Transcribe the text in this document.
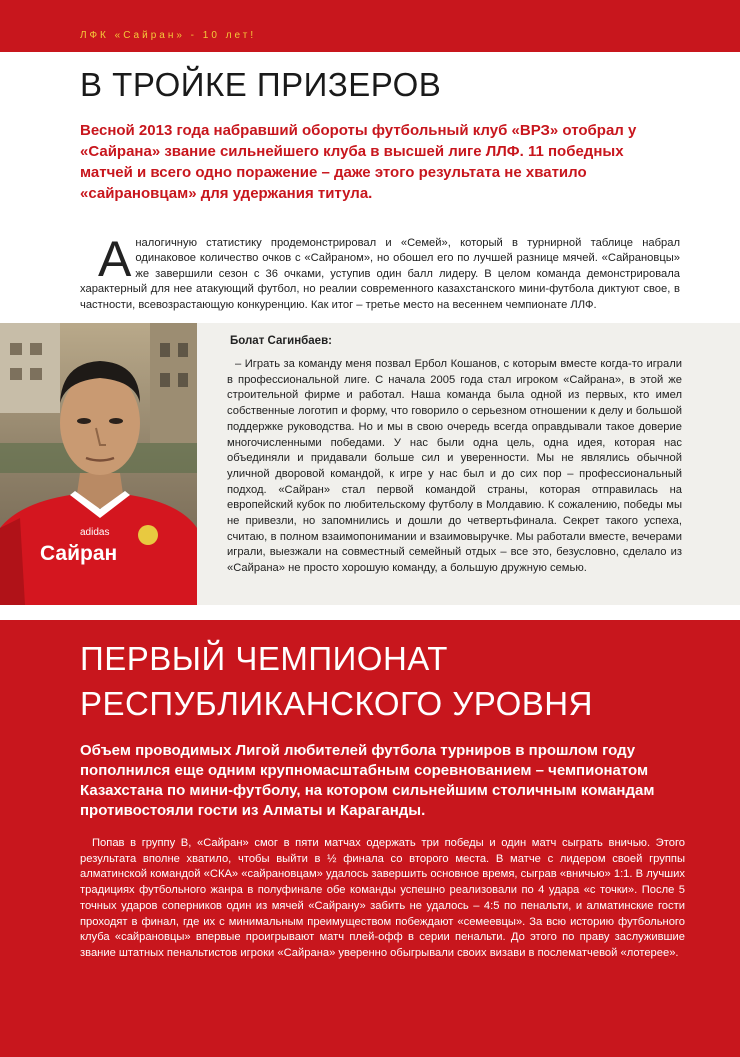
ЛФК «Сайран» - 10 лет!
В ТРОЙКЕ ПРИЗЕРОВ

Весной 2013 года набравший обороты футбольный клуб «ВРЗ» отобрал у «Сайрана» звание сильнейшего клуба в высшей лиге ЛЛФ. 11 победных матчей и всего одно поражение – даже этого результата не хватило «сайрановцам» для удержания титула.

Аналогичную статистику продемонстрировал и «Семей», который в турнирной таблице набрал одинаковое количество очков с «Сайраном», но обошел его по лучшей разнице мячей. «Сайрановцы» же завершили сезон с 36 очками, уступив один балл лидеру. В целом команда демонстрировала характерный для нее атакующий футбол, но реалии современного казахстанского мини-футбола диктуют свое, в частности, всевозрастающую конкуренцию. Как итог – третье место на весеннем чемпионате ЛЛФ.
adidas
Сайран
Болат Сагинбаев:

– Играть за команду меня позвал Ербол Кошанов, с которым вместе когда-то играли в профессиональной лиге. С начала 2005 года стал игроком «Сайрана», в этой же строительной фирме и работал. Наша команда была одной из первых, кто имел собственные логотип и форму, что говорило о серьезном отношении к делу и большой поддержке руководства. Но и мы в свою очередь всегда оправдывали такое доверие многочисленными победами. У нас были одна цель, одна идея, которая нас объединяли и придавали больше сил и уверенности. Мы не являлись обычной уличной дворовой командой, к игре у нас был и до сих пор – профессиональный подход. «Сайран» стал первой командой страны, которая отправилась на европейский кубок по любительскому футболу в Молдавию. К сожалению, победы мы не привезли, но запомнились и дошли до четвертьфинала. Секрет такого успеха, считаю, в полном взаимопонимании и взаимовыручке. Мы работали вместе, вечерами играли, выезжали на совместный семейный отдых – все это, безусловно, сделало из «Сайрана» не просто хорошую команду, а большую дружную семью.

ПЕРВЫЙ ЧЕМПИОНАТ
РЕСПУБЛИКАНСКОГО УРОВНЯ

Объем проводимых Лигой любителей футбола турниров в прошлом году пополнился еще одним крупномасштабным соревнованием – чемпионатом Казахстана по мини-футболу, на котором сильнейшим столичным командам противостояли гости из Алматы и Караганды.

Попав в группу В, «Сайран» смог в пяти матчах одержать три победы и один матч сыграть вничью. Этого результата вполне хватило, чтобы выйти в ½ финала со второго места. В матче с лидером своей группы алматинской командой «СКА» «сайрановцам» удалось завершить основное время, сыграв «вничью» 1:1. В лучших традициях футбольного жанра в полуфинале обе команды успешно реализовали по 4 удара «с точки». После 5 точных ударов соперников один из мячей «Сайрану» забить не удалось – 4:5 по пенальти, и алматинские гости проходят в финал, где их с минимальным преимуществом побеждают «семеевцы». За всю историю футбольного клуба «сайрановцы» впервые проигрывают матч плей-офф в серии пенальти. До этого по праву заслужившие звание штатных пенальтистов игроки «Сайрана» уверенно обыгрывали своих визави в послематчевой «лотерее».
